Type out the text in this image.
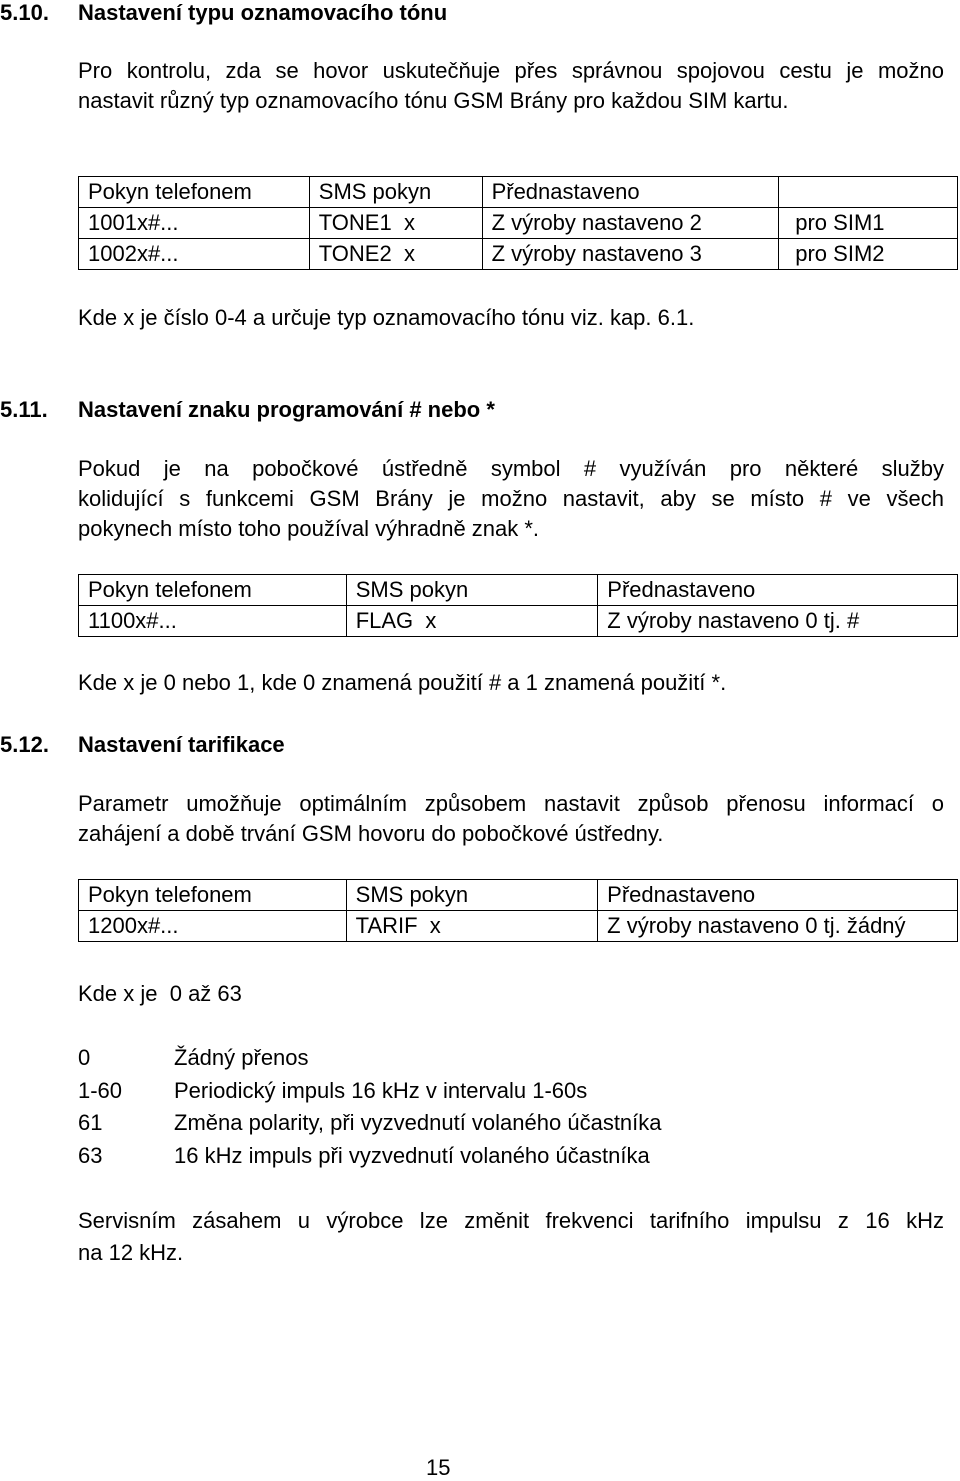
5.10. Nastavení typu oznamovacího tónu
Pro kontrolu, zda se hovor uskutečňuje přes správnou spojovou cestu je možno
nastavit různý typ oznamovacího tónu GSM Brány pro každou SIM kartu.
Pokyn telefonem	SMS pokyn	Přednastaveno	
1001x#...	TONE1  x	Z výroby nastaveno 2	pro SIM1
1002x#...	TONE2  x	Z výroby nastaveno 3	pro SIM2
Kde x je číslo 0-4 a určuje typ oznamovacího tónu viz. kap. 6.1.
5.11. Nastavení znaku programování # nebo *
Pokud je na pobočkové ústředně symbol # využíván pro některé služby
kolidující s funkcemi GSM Brány je možno nastavit, aby se místo # ve všech
pokynech místo toho používal výhradně znak *.
Pokyn telefonem	SMS pokyn	Přednastaveno
1100x#...	FLAG  x	Z výroby nastaveno 0 tj. #
Kde x je 0 nebo 1, kde 0 znamená použití # a 1 znamená použití *.
5.12. Nastavení tarifikace
Parametr umožňuje optimálním způsobem nastavit způsob přenosu informací o
zahájení a době trvání GSM hovoru do pobočkové ústředny.
Pokyn telefonem	SMS pokyn	Přednastaveno
1200x#...	TARIF  x	Z výroby nastaveno 0 tj. žádný
Kde x je  0 až 63
0	Žádný přenos
1-60 Periodický impuls 16 kHz v intervalu 1-60s
61	Změna polarity, při vyzvednutí volaného účastníka
63	16 kHz impuls při vyzvednutí volaného účastníka
Servisním zásahem u výrobce lze změnit frekvenci tarifního impulsu z 16 kHz
na 12 kHz.
15
